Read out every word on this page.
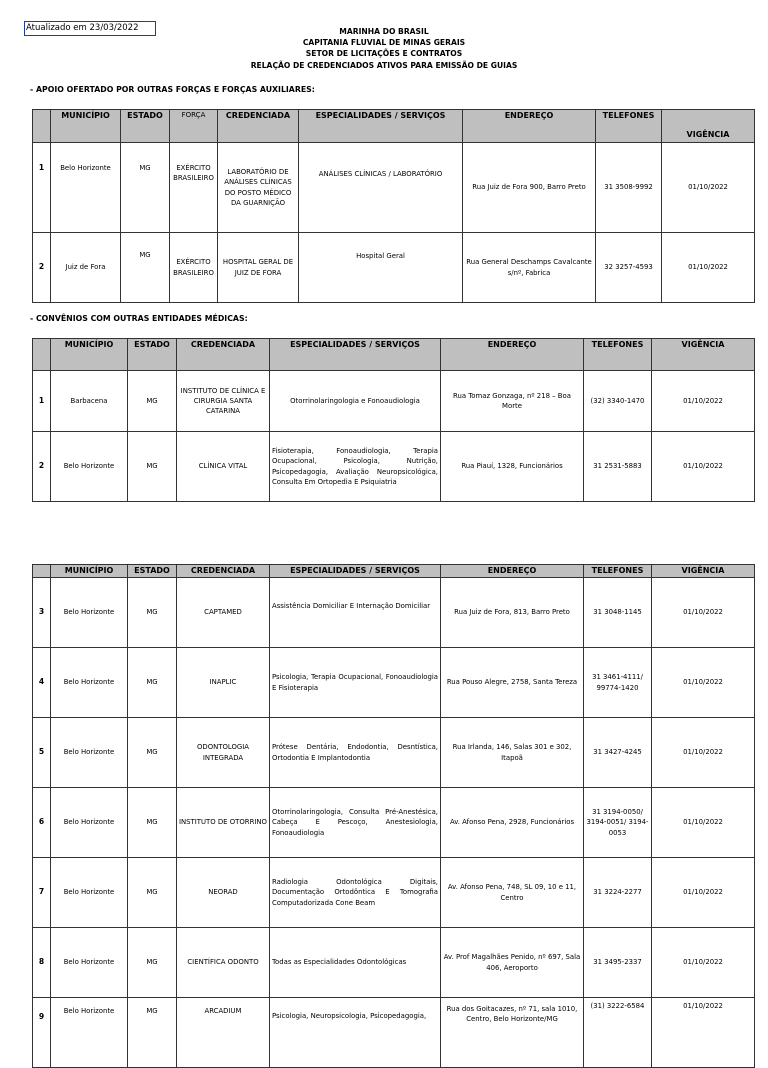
Atualizado em 23/03/2022	MARINHA DO BRASIL
CAPITANIA FLUVIAL DE MINAS GERAIS
SETOR DE LICITAÇÕES E CONTRATOS
RELAÇÃO DE CREDENCIADOS ATIVOS PARA EMISSÃO DE GUIAS
- APOIO OFERTADO POR OUTRAS FORÇAS E FORÇAS AUXILIARES:
	MUNICÍPIO	ESTADO	FORÇA	CREDENCIADA	ESPECIALIDADES / SERVIÇOS	ENDEREÇO	TELEFONES	VIGÊNCIA
1	Belo Horizonte	MG	EXÉRCITO BRASILEIRO	LABORATÓRIO DE ANÁLISES CLÍNICAS DO POSTO MÉDICO DA GUARNIÇÃO	ANÁLISES CLÍNICAS / LABORATÓRIO	Rua Juiz de Fora 900, Barro Preto	31 3508-9992	01/10/2022
2	Juiz de Fora	MG	EXÉRCITO BRASILEIRO	HOSPITAL GERAL DE JUIZ DE FORA	Hospital Geral	Rua General Deschamps Cavalcante s/nº, Fabrica	32 3257-4593	01/10/2022
- CONVÊNIOS COM OUTRAS ENTIDADES MÉDICAS:
	MUNICÍPIO	ESTADO	CREDENCIADA	ESPECIALIDADES / SERVIÇOS	ENDEREÇO	TELEFONES	VIGÊNCIA
1	Barbacena	MG	INSTITUTO DE CLÍNICA E CIRURGIA SANTA CATARINA	Otorrinolaringologia e Fonoaudiologia	Rua Tomaz Gonzaga, nº 218 – Boa Morte	(32) 3340-1470	01/10/2022
2	Belo Horizonte	MG	CLÍNICA VITAL	Fisioterapia, Fonoaudiologia, Terapia Ocupacional, Psicologia, Nutrição, Psicopedagogia, Avaliação Neuropsicológica, Consulta Em Ortopedia E Psiquiatria	Rua Piauí, 1328, Funcionários	31 2531-5883	01/10/2022
	MUNICÍPIO	ESTADO	CREDENCIADA	ESPECIALIDADES / SERVIÇOS	ENDEREÇO	TELEFONES	VIGÊNCIA
3	Belo Horizonte	MG	CAPTAMED	Assistência Domiciliar E Internação Domiciliar	Rua Juiz de Fora, 813, Barro Preto	31 3048-1145	01/10/2022
4	Belo Horizonte	MG	INAPLIC	Psicologia, Terapia Ocupacional, Fonoaudiologia E Fisioterapia	Rua Pouso Alegre, 2758, Santa Tereza	31 3461-4111/ 99774-1420	01/10/2022
5	Belo Horizonte	MG	ODONTOLOGIA INTEGRADA	Prótese Dentária, Endodontia, Desntística, Ortodontia E Implantodontia	Rua Irlanda, 146, Salas 301 e 302, Itapoã	31 3427-4245	01/10/2022
6	Belo Horizonte	MG	INSTITUTO DE OTORRINO	Otorrinolaringologia, Consulta Pré-Anestésica, Cabeça E Pescoço, Anestesiologia, Fonoaudiologia	Av. Afonso Pena, 2928, Funcionários	31 3194-0050/ 3194-0051/ 3194-0053	01/10/2022
7	Belo Horizonte	MG	NEORAD	Radiologia Odontológica Digitais, Documentação Ortodôntica E Tomografia Computadorizada Cone Beam	Av. Afonso Pena, 748, SL 09, 10 e 11, Centro	31 3224-2277	01/10/2022
8	Belo Horizonte	MG	CIENTÍFICA ODONTO	Todas as Especialidades Odontológicas	Av. Prof Magalhães Penido, nº 697, Sala 406, Aeroporto	31 3495-2337	01/10/2022
9	Belo Horizonte	MG	ARCADIUM	Psicologia, Neuropsicologia, Psicopedagogia,	Rua dos Goitacazes, nº 71, sala 1010, Centro, Belo Horizonte/MG	(31) 3222-6584	01/10/2022
